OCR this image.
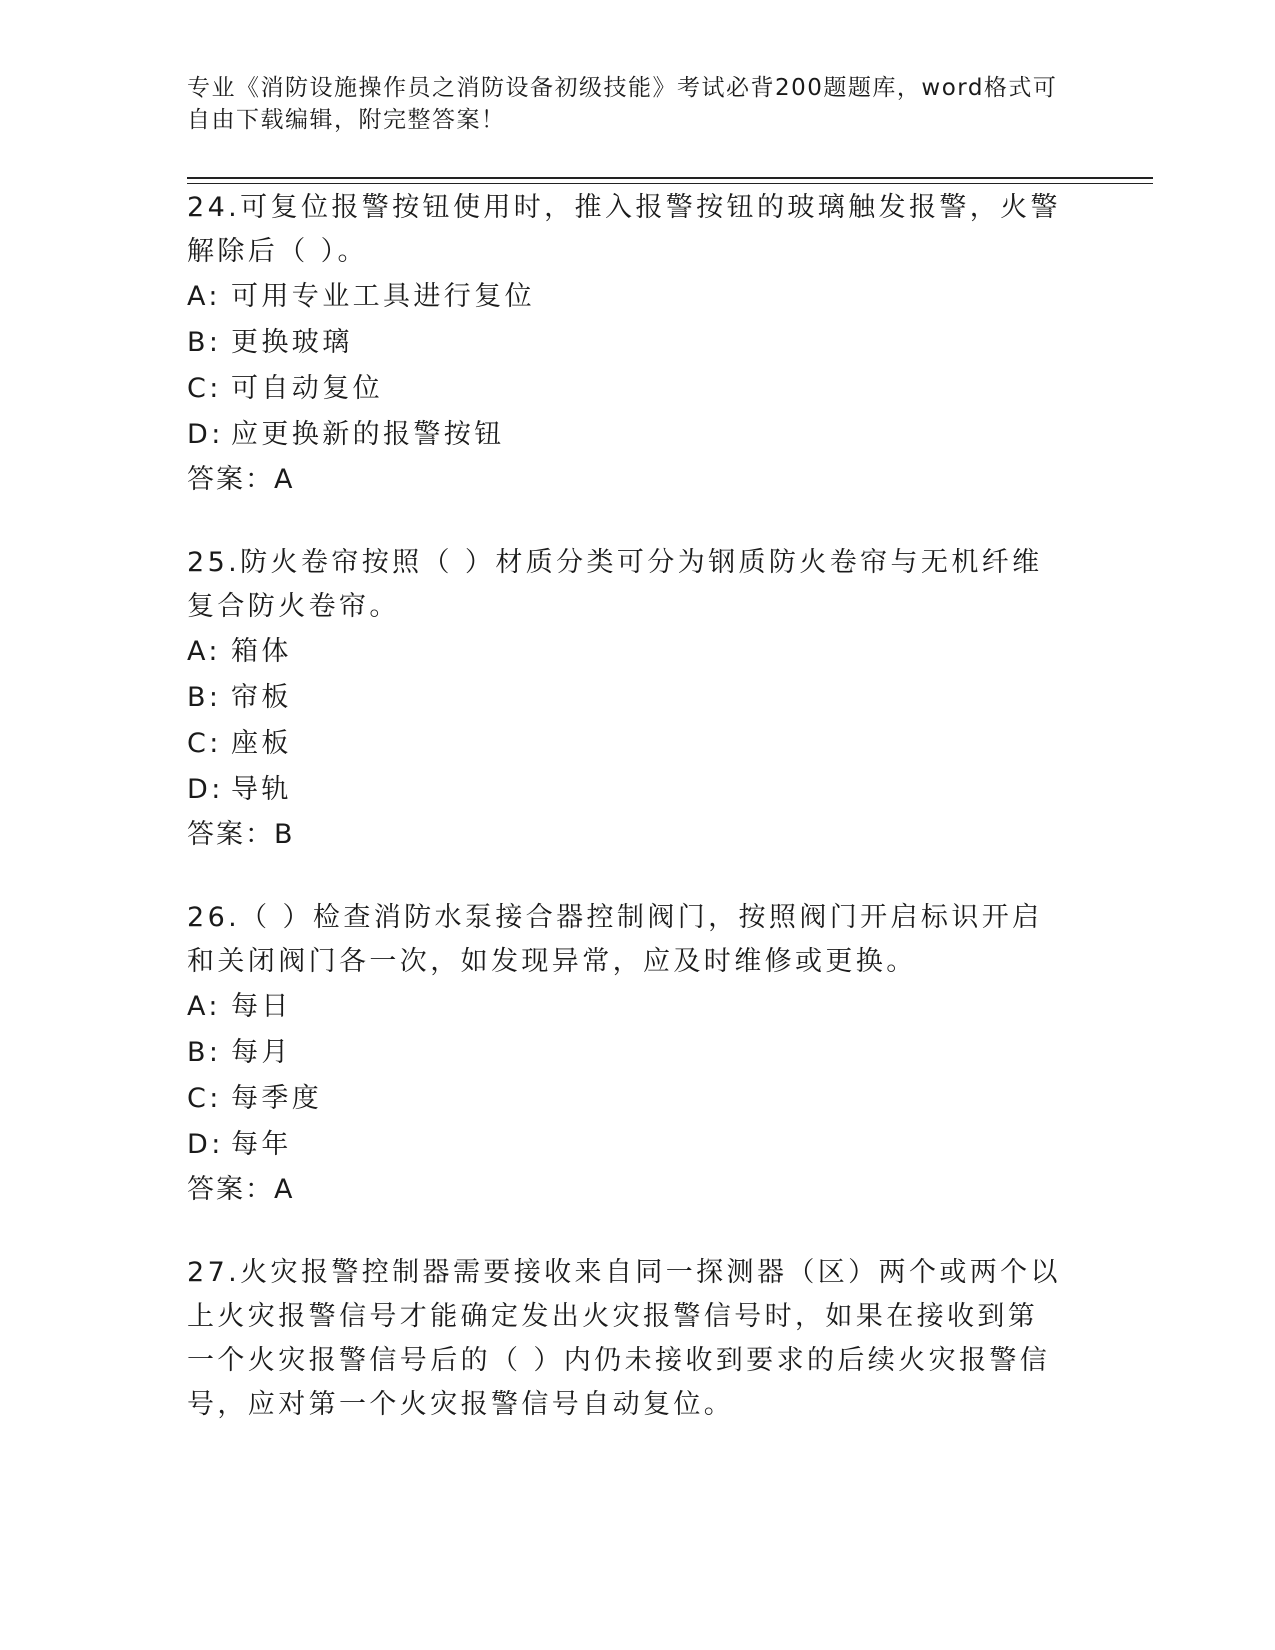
专业《消防设施操作员之消防设备初级技能》考试必背200题题库，word格式可
自由下载编辑，附完整答案！
24.可复位报警按钮使用时，推入报警按钮的玻璃触发报警，火警解除后（ ）。
A: 可用专业工具进行复位
B: 更换玻璃
C: 可自动复位
D: 应更换新的报警按钮
答案：A
25.防火卷帘按照（ ）材质分类可分为钢质防火卷帘与无机纤维复合防火卷帘。
A: 箱体
B: 帘板
C: 座板
D: 导轨
答案：B
26.（ ）检查消防水泵接合器控制阀门，按照阀门开启标识开启和关闭阀门各一次，如发现异常，应及时维修或更换。
A: 每日
B: 每月
C: 每季度
D: 每年
答案：A
27.火灾报警控制器需要接收来自同一探测器（区）两个或两个以上火灾报警信号才能确定发出火灾报警信号时，如果在接收到第一个火灾报警信号后的（ ）内仍未接收到要求的后续火灾报警信号，应对第一个火灾报警信号自动复位。
